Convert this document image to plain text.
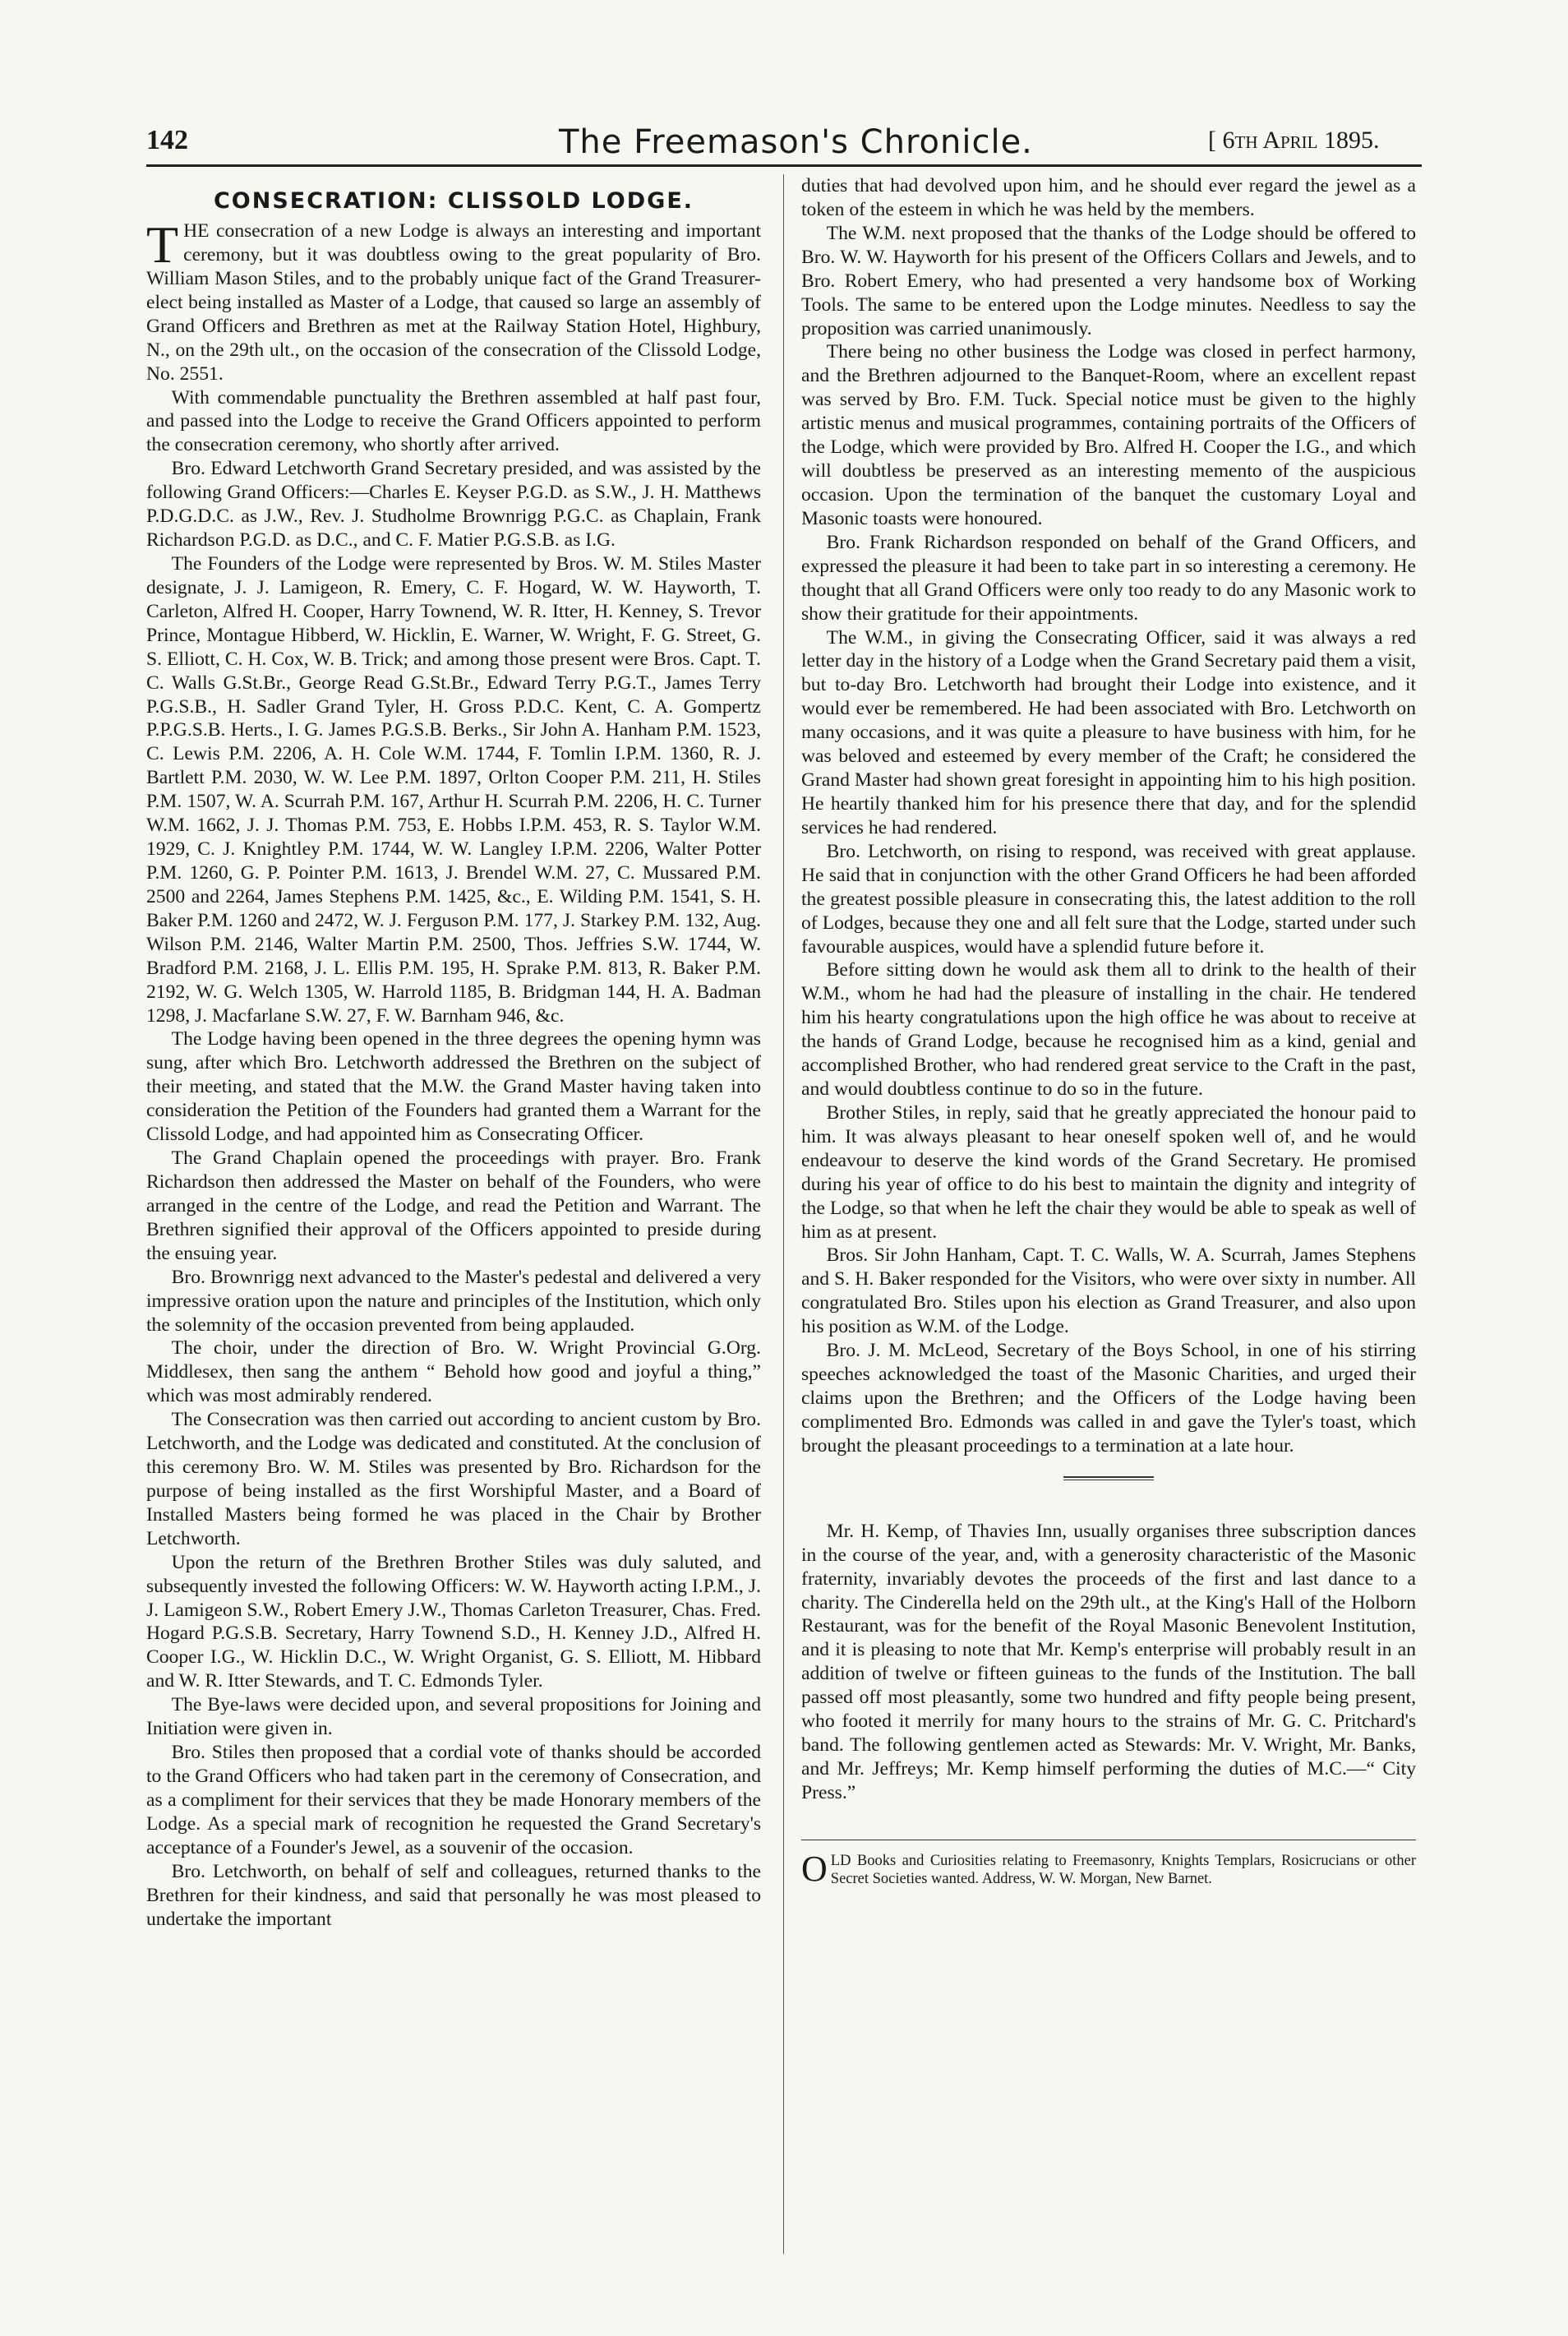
142	The Freemason's Chronicle.	[ 6th April 1895.
CONSECRATION: CLISSOLD LODGE.

THE consecration of a new Lodge is always an interesting and important ceremony, but it was doubtless owing to the great popularity of Bro. William Mason Stiles, and to the probably unique fact of the Grand Treasurer-elect being installed as Master of a Lodge, that caused so large an assembly of Grand Officers and Brethren as met at the Railway Station Hotel, Highbury, N., on the 29th ult., on the occasion of the consecration of the Clissold Lodge, No. 2551.

With commendable punctuality the Brethren assembled at half past four, and passed into the Lodge to receive the Grand Officers appointed to perform the consecration ceremony, who shortly after arrived.

Bro. Edward Letchworth Grand Secretary presided, and was assisted by the following Grand Officers:—Charles E. Keyser P.G.D. as S.W., J. H. Matthews P.D.G.D.C. as J.W., Rev. J. Studholme Brownrigg P.G.C. as Chaplain, Frank Richardson P.G.D. as D.C., and C. F. Matier P.G.S.B. as I.G.

The Founders of the Lodge were represented by Bros. W. M. Stiles Master designate, J. J. Lamigeon, R. Emery, C. F. Hogard, W. W. Hayworth, T. Carleton, Alfred H. Cooper, Harry Townend, W. R. Itter, H. Kenney, S. Trevor Prince, Montague Hibberd, W. Hicklin, E. Warner, W. Wright, F. G. Street, G. S. Elliott, C. H. Cox, W. B. Trick; and among those present were Bros. Capt. T. C. Walls G.St.Br., George Read G.St.Br., Edward Terry P.G.T., James Terry P.G.S.B., H. Sadler Grand Tyler, H. Gross P.D.C. Kent, C. A. Gompertz P.P.G.S.B. Herts., I. G. James P.G.S.B. Berks., Sir John A. Hanham P.M. 1523, C. Lewis P.M. 2206, A. H. Cole W.M. 1744, F. Tomlin I.P.M. 1360, R. J. Bartlett P.M. 2030, W. W. Lee P.M. 1897, Orlton Cooper P.M. 211, H. Stiles P.M. 1507, W. A. Scurrah P.M. 167, Arthur H. Scurrah P.M. 2206, H. C. Turner W.M. 1662, J. J. Thomas P.M. 753, E. Hobbs I.P.M. 453, R. S. Taylor W.M. 1929, C. J. Knightley P.M. 1744, W. W. Langley I.P.M. 2206, Walter Potter P.M. 1260, G. P. Pointer P.M. 1613, J. Brendel W.M. 27, C. Mussared P.M. 2500 and 2264, James Stephens P.M. 1425, &c., E. Wilding P.M. 1541, S. H. Baker P.M. 1260 and 2472, W. J. Ferguson P.M. 177, J. Starkey P.M. 132, Aug. Wilson P.M. 2146, Walter Martin P.M. 2500, Thos. Jeffries S.W. 1744, W. Bradford P.M. 2168, J. L. Ellis P.M. 195, H. Sprake P.M. 813, R. Baker P.M. 2192, W. G. Welch 1305, W. Harrold 1185, B. Bridgman 144, H. A. Badman 1298, J. Macfarlane S.W. 27, F. W. Barnham 946, &c.

The Lodge having been opened in the three degrees the opening hymn was sung, after which Bro. Letchworth addressed the Brethren on the subject of their meeting, and stated that the M.W. the Grand Master having taken into consideration the Petition of the Founders had granted them a Warrant for the Clissold Lodge, and had appointed him as Consecrating Officer.

The Grand Chaplain opened the proceedings with prayer. Bro. Frank Richardson then addressed the Master on behalf of the Founders, who were arranged in the centre of the Lodge, and read the Petition and Warrant. The Brethren signified their approval of the Officers appointed to preside during the ensuing year.

Bro. Brownrigg next advanced to the Master's pedestal and delivered a very impressive oration upon the nature and principles of the Institution, which only the solemnity of the occasion prevented from being applauded.

The choir, under the direction of Bro. W. Wright Provincial G.Org. Middlesex, then sang the anthem “ Behold how good and joyful a thing,” which was most admirably rendered.

The Consecration was then carried out according to ancient custom by Bro. Letchworth, and the Lodge was dedicated and constituted. At the conclusion of this ceremony Bro. W. M. Stiles was presented by Bro. Richardson for the purpose of being installed as the first Worshipful Master, and a Board of Installed Masters being formed he was placed in the Chair by Brother Letchworth.

Upon the return of the Brethren Brother Stiles was duly saluted, and subsequently invested the following Officers: W. W. Hayworth acting I.P.M., J. J. Lamigeon S.W., Robert Emery J.W., Thomas Carleton Treasurer, Chas. Fred. Hogard P.G.S.B. Secretary, Harry Townend S.D., H. Kenney J.D., Alfred H. Cooper I.G., W. Hicklin D.C., W. Wright Organist, G. S. Elliott, M. Hibbard and W. R. Itter Stewards, and T. C. Edmonds Tyler.

The Bye-laws were decided upon, and several propositions for Joining and Initiation were given in.

Bro. Stiles then proposed that a cordial vote of thanks should be accorded to the Grand Officers who had taken part in the ceremony of Consecration, and as a compliment for their services that they be made Honorary members of the Lodge. As a special mark of recognition he requested the Grand Secretary's acceptance of a Founder's Jewel, as a souvenir of the occasion.

Bro. Letchworth, on behalf of self and colleagues, returned thanks to the Brethren for their kindness, and said that personally he was most pleased to undertake the important

duties that had devolved upon him, and he should ever regard the jewel as a token of the esteem in which he was held by the members.

The W.M. next proposed that the thanks of the Lodge should be offered to Bro. W. W. Hayworth for his present of the Officers Collars and Jewels, and to Bro. Robert Emery, who had presented a very handsome box of Working Tools. The same to be entered upon the Lodge minutes. Needless to say the proposition was carried unanimously.

There being no other business the Lodge was closed in perfect harmony, and the Brethren adjourned to the Banquet-Room, where an excellent repast was served by Bro. F.M. Tuck. Special notice must be given to the highly artistic menus and musical programmes, containing portraits of the Officers of the Lodge, which were provided by Bro. Alfred H. Cooper the I.G., and which will doubtless be preserved as an interesting memento of the auspicious occasion. Upon the termination of the banquet the customary Loyal and Masonic toasts were honoured.

Bro. Frank Richardson responded on behalf of the Grand Officers, and expressed the pleasure it had been to take part in so interesting a ceremony. He thought that all Grand Officers were only too ready to do any Masonic work to show their gratitude for their appointments.

The W.M., in giving the Consecrating Officer, said it was always a red letter day in the history of a Lodge when the Grand Secretary paid them a visit, but to-day Bro. Letchworth had brought their Lodge into existence, and it would ever be remembered. He had been associated with Bro. Letchworth on many occasions, and it was quite a pleasure to have business with him, for he was beloved and esteemed by every member of the Craft; he considered the Grand Master had shown great foresight in appointing him to his high position. He heartily thanked him for his presence there that day, and for the splendid services he had rendered.

Bro. Letchworth, on rising to respond, was received with great applause. He said that in conjunction with the other Grand Officers he had been afforded the greatest possible pleasure in consecrating this, the latest addition to the roll of Lodges, because they one and all felt sure that the Lodge, started under such favourable auspices, would have a splendid future before it.

Before sitting down he would ask them all to drink to the health of their W.M., whom he had had the pleasure of installing in the chair. He tendered him his hearty congratulations upon the high office he was about to receive at the hands of Grand Lodge, because he recognised him as a kind, genial and accomplished Brother, who had rendered great service to the Craft in the past, and would doubtless continue to do so in the future.

Brother Stiles, in reply, said that he greatly appreciated the honour paid to him. It was always pleasant to hear oneself spoken well of, and he would endeavour to deserve the kind words of the Grand Secretary. He promised during his year of office to do his best to maintain the dignity and integrity of the Lodge, so that when he left the chair they would be able to speak as well of him as at present.

Bros. Sir John Hanham, Capt. T. C. Walls, W. A. Scurrah, James Stephens and S. H. Baker responded for the Visitors, who were over sixty in number. All congratulated Bro. Stiles upon his election as Grand Treasurer, and also upon his position as W.M. of the Lodge.

Bro. J. M. McLeod, Secretary of the Boys School, in one of his stirring speeches acknowledged the toast of the Masonic Charities, and urged their claims upon the Brethren; and the Officers of the Lodge having been complimented Bro. Edmonds was called in and gave the Tyler's toast, which brought the pleasant proceedings to a termination at a late hour.

Mr. H. Kemp, of Thavies Inn, usually organises three subscription dances in the course of the year, and, with a generosity characteristic of the Masonic fraternity, invariably devotes the proceeds of the first and last dance to a charity. The Cinderella held on the 29th ult., at the King's Hall of the Holborn Restaurant, was for the benefit of the Royal Masonic Benevolent Institution, and it is pleasing to note that Mr. Kemp's enterprise will probably result in an addition of twelve or fifteen guineas to the funds of the Institution. The ball passed off most pleasantly, some two hundred and fifty people being present, who footed it merrily for many hours to the strains of Mr. G. C. Pritchard's band. The following gentlemen acted as Stewards: Mr. V. Wright, Mr. Banks, and Mr. Jeffreys; Mr. Kemp himself performing the duties of M.C.—“ City Press.”

OLD Books and Curiosities relating to Freemasonry, Knights Templars, Rosicrucians or other Secret Societies wanted. Address, W. W. Morgan, New Barnet.
